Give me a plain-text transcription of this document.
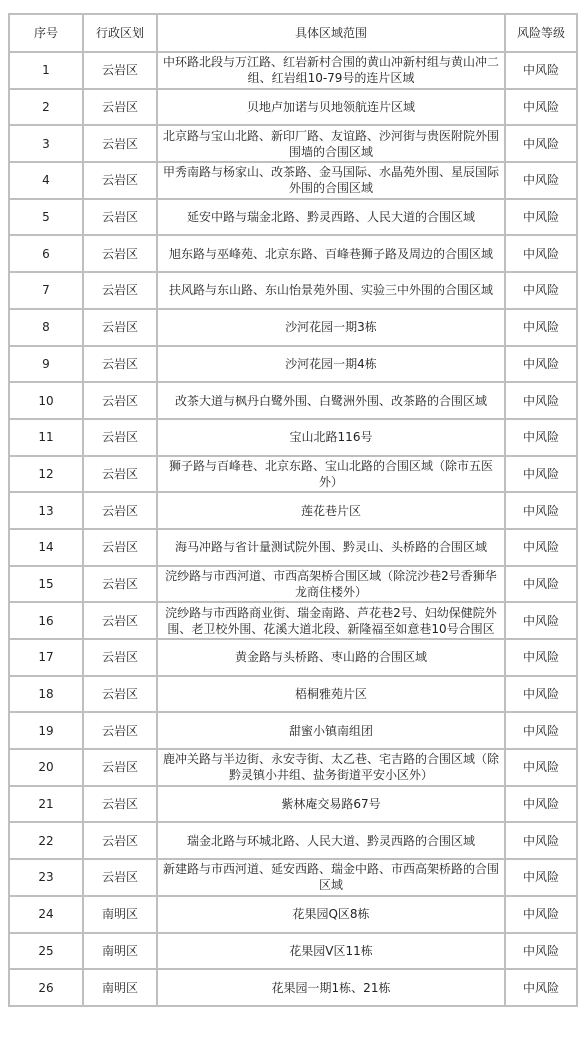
序号	行政区划	具体区域范围	风险等级
1	云岩区	中环路北段与万江路、红岩新村合围的黄山冲新村组与黄山冲二组、红岩组10-79号的连片区域	中风险
2	云岩区	贝地卢加诺与贝地领航连片区域	中风险
3	云岩区	北京路与宝山北路、新印厂路、友谊路、沙河街与贵医附院外围围墙的合围区域	中风险
4	云岩区	甲秀南路与杨家山、改茶路、金马国际、水晶苑外围、星辰国际外围的合围区域	中风险
5	云岩区	延安中路与瑞金北路、黔灵西路、人民大道的合围区域	中风险
6	云岩区	旭东路与巫峰苑、北京东路、百峰巷狮子路及周边的合围区域	中风险
7	云岩区	扶风路与东山路、东山怡景苑外围、实验三中外围的合围区域	中风险
8	云岩区	沙河花园一期3栋	中风险
9	云岩区	沙河花园一期4栋	中风险
10	云岩区	改茶大道与枫丹白鹭外围、白鹭洲外围、改茶路的合围区域	中风险
11	云岩区	宝山北路116号	中风险
12	云岩区	狮子路与百峰巷、北京东路、宝山北路的合围区域（除市五医外）	中风险
13	云岩区	莲花巷片区	中风险
14	云岩区	海马冲路与省计量测试院外围、黔灵山、头桥路的合围区域	中风险
15	云岩区	浣纱路与市西河道、市西高架桥合围区域（除浣沙巷2号香狮华龙商住楼外）	中风险
16	云岩区	浣纱路与市西路商业街、瑞金南路、芦花巷2号、妇幼保健院外围、老卫校外围、花溪大道北段、新隆福至如意巷10号合围区	中风险
17	云岩区	黄金路与头桥路、枣山路的合围区域	中风险
18	云岩区	梧桐雅苑片区	中风险
19	云岩区	甜蜜小镇南组团	中风险
20	云岩区	鹿冲关路与半边街、永安寺街、太乙巷、宅吉路的合围区域（除黔灵镇小井组、盐务街道平安小区外）	中风险
21	云岩区	紫林庵交易路67号	中风险
22	云岩区	瑞金北路与环城北路、人民大道、黔灵西路的合围区域	中风险
23	云岩区	新建路与市西河道、延安西路、瑞金中路、市西高架桥路的合围区域	中风险
24	南明区	花果园Q区8栋	中风险
25	南明区	花果园V区11栋	中风险
26	南明区	花果园一期1栋、21栋	中风险
